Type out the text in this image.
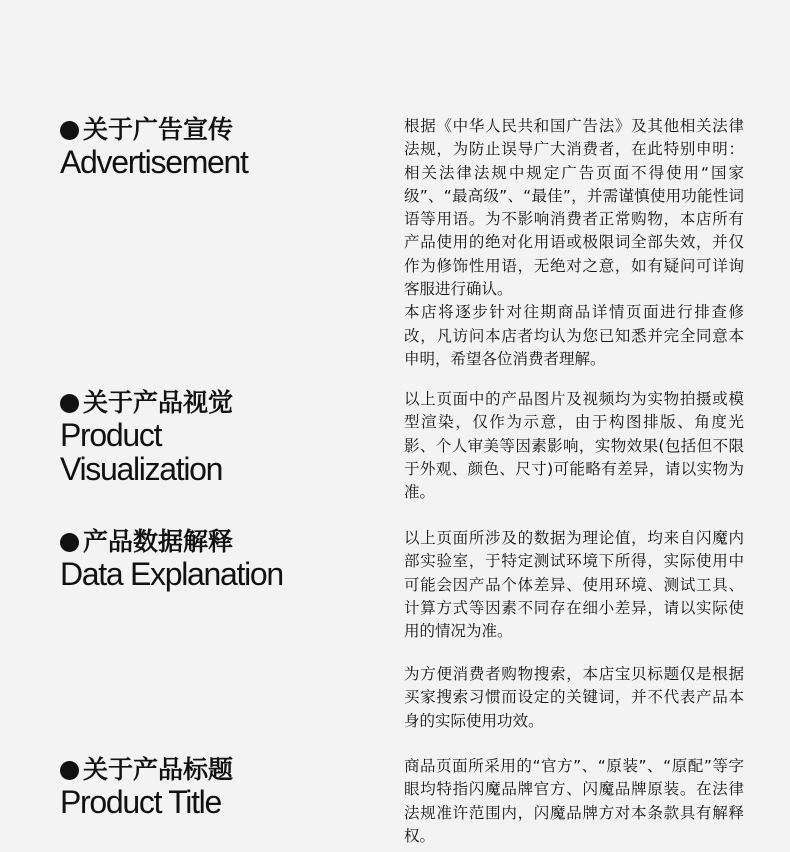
关于广告宣传
Advertisement

根据《中华人民共和国广告法》及其他相关法律法规，为防止误导广大消费者，在此特别申明：相关法律法规中规定广告页面不得使用“国家级”、“最高级”、“最佳”，并需谨慎使用功能性词语等用语。为不影响消费者正常购物，本店所有产品使用的绝对化用语或极限词全部失效，并仅作为修饰性用语，无绝对之意，如有疑问可详询客服进行确认。

本店将逐步针对往期商品详情页面进行排查修改，凡访问本店者均认为您已知悉并完全同意本申明，希望各位消费者理解。

关于产品视觉
Product
Visualization

以上页面中的产品图片及视频均为实物拍摄或模型渲染，仅作为示意，由于构图排版、角度光影、个人审美等因素影响，实物效果(包括但不限于外观、颜色、尺寸)可能略有差异，请以实物为准。

产品数据解释
Data Explanation

以上页面所涉及的数据为理论值，均来自闪魔内部实验室，于特定测试环境下所得，实际使用中可能会因产品个体差异、使用环境、测试工具、计算方式等因素不同存在细小差异，请以实际使用的情况为准。

为方便消费者购物搜索，本店宝贝标题仅是根据买家搜索习惯而设定的关键词，并不代表产品本身的实际使用功效。

关于产品标题
Product Title

商品页面所采用的“官方”、“原装”、“原配”等字眼均特指闪魔品牌官方、闪魔品牌原装。在法律法规准许范围内，闪魔品牌方对本条款具有解释权。
